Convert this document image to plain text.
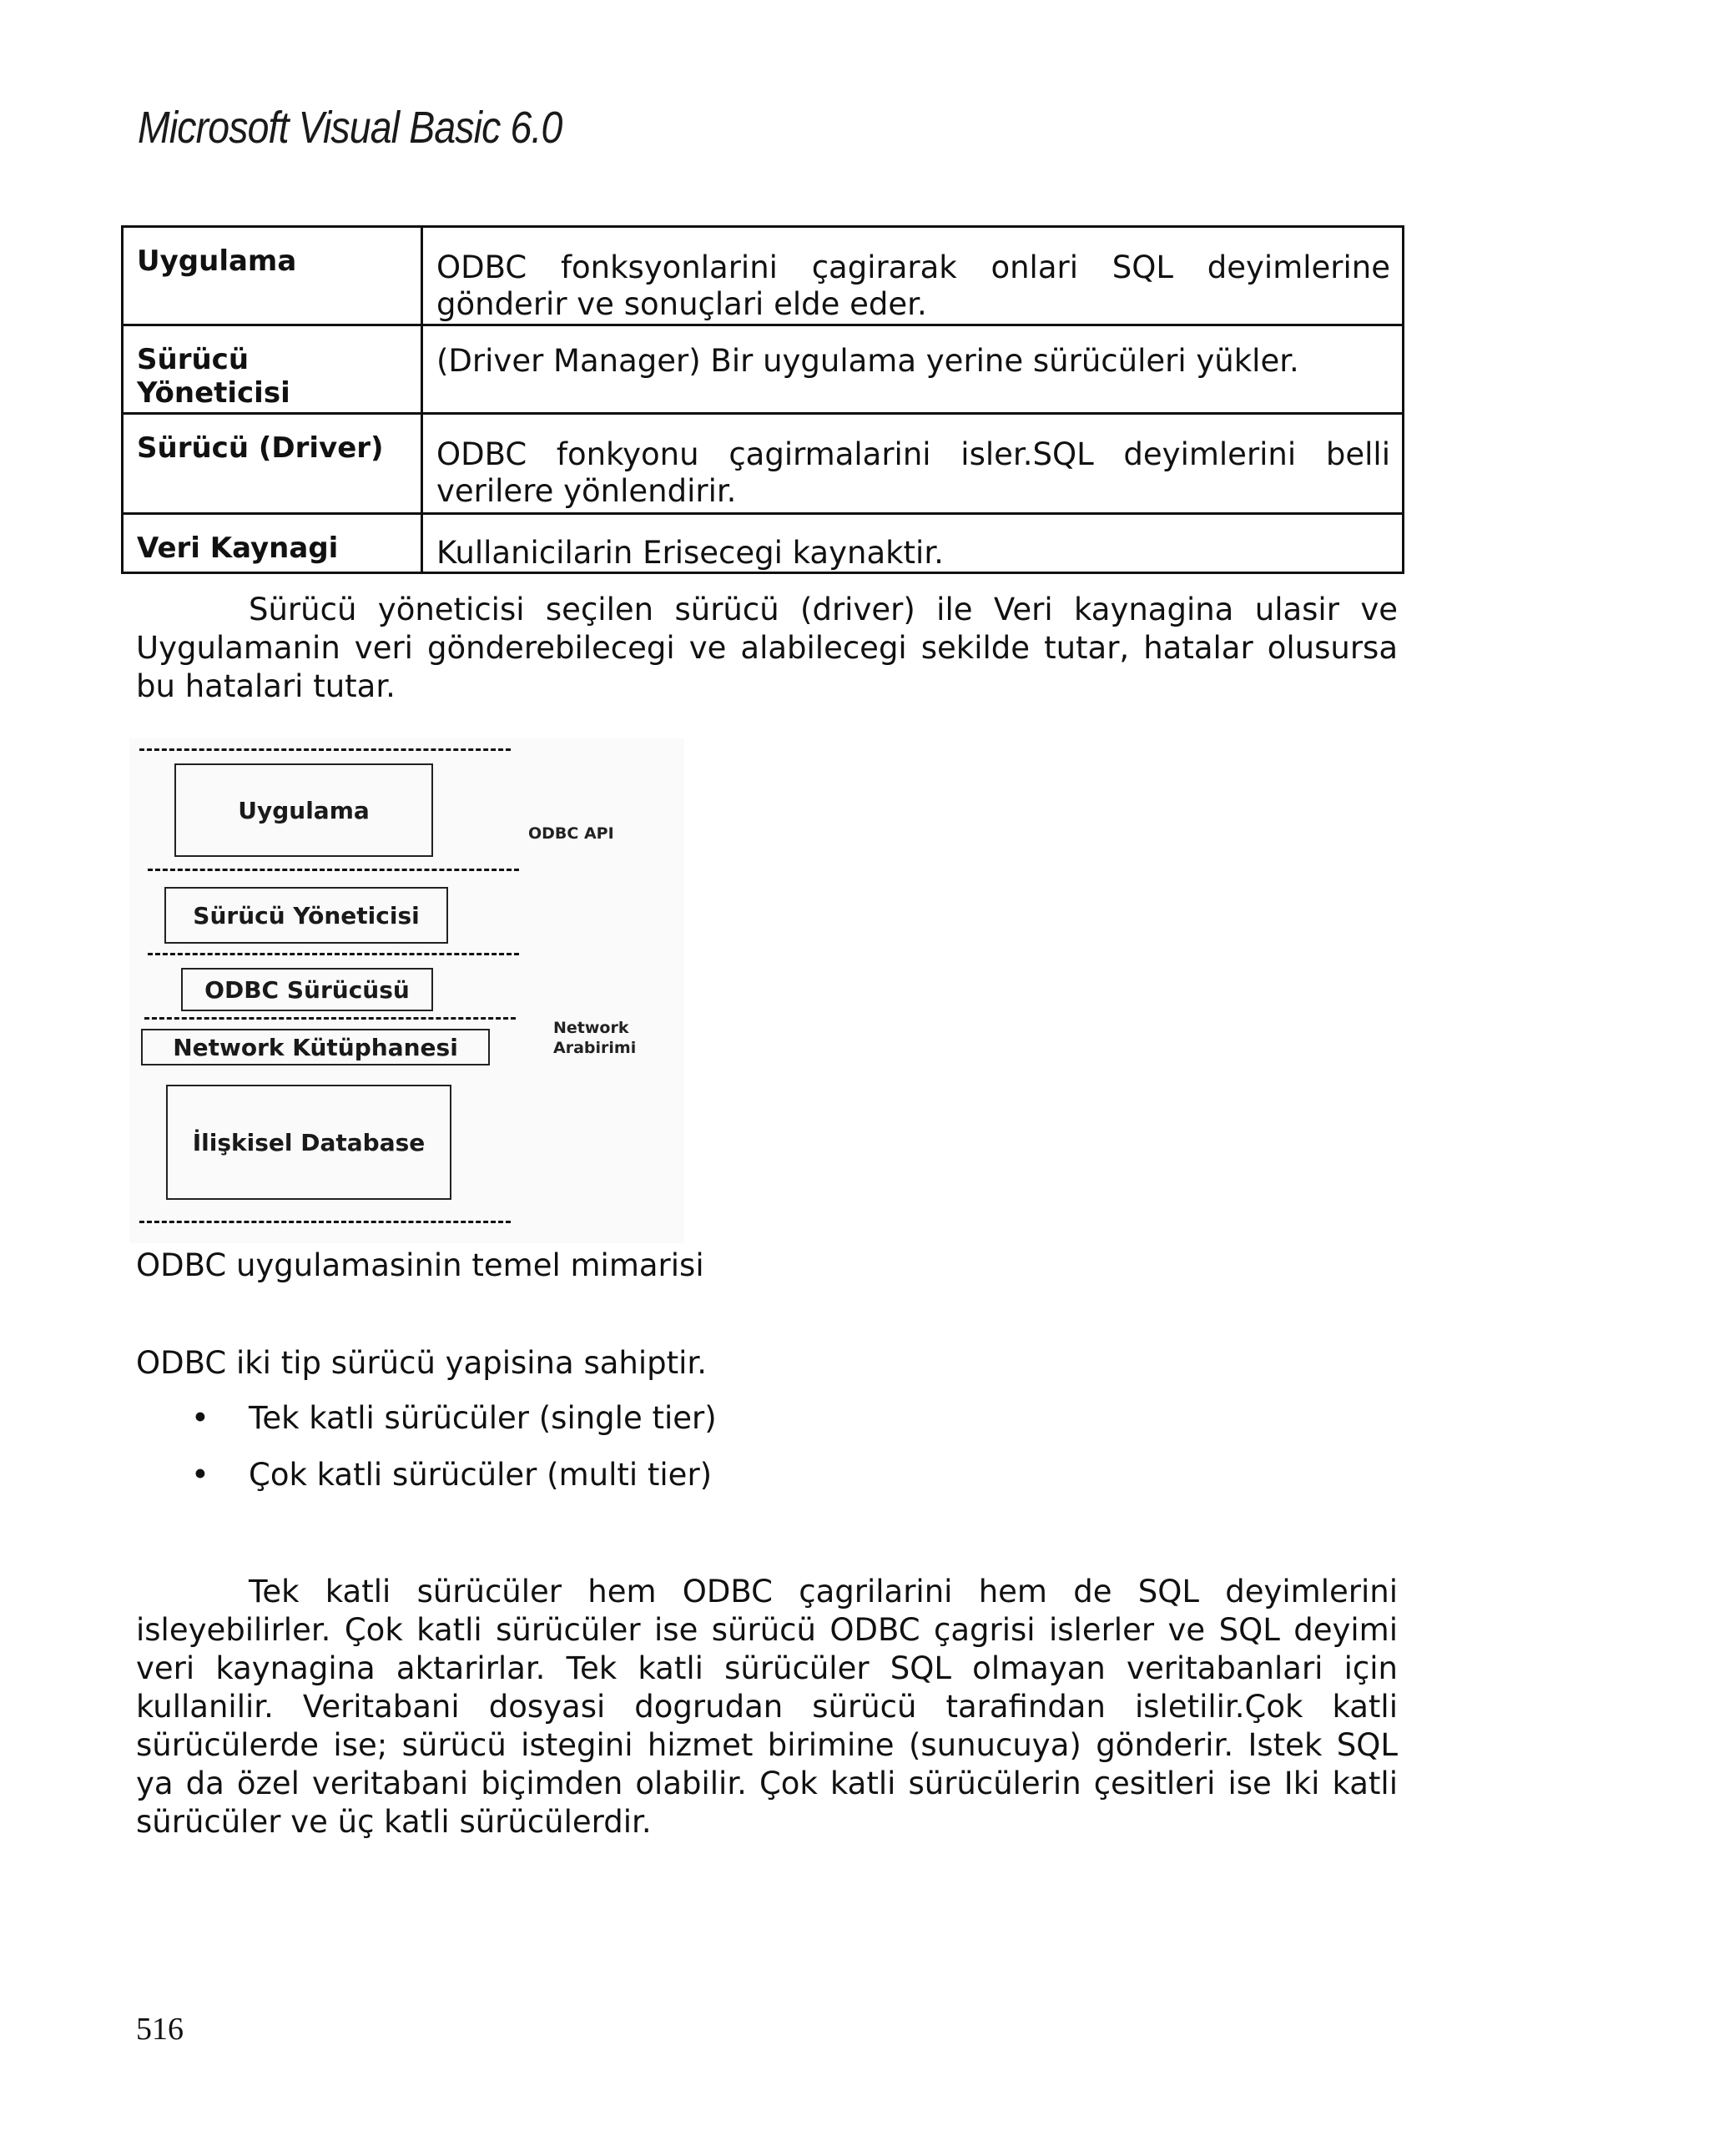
Microsoft Visual Basic 6.0
Uygulama	ODBC fonksyonlarini çagirarak onlari SQL deyimlerine gönderir ve sonuçlari elde eder.

Sürücü Yöneticisi	(Driver Manager) Bir uygulama yerine sürücüleri yükler.

Sürücü (Driver)	ODBC fonkyonu çagirmalarini isler.SQL deyimlerini belli verilere yönlendirir.

Veri Kaynagi	Kullanicilarin Erisecegi kaynaktir.
Sürücü yöneticisi seçilen sürücü (driver) ile Veri kaynagina ulasir ve Uygulamanin veri gönderebilecegi ve alabilecegi sekilde tutar, hatalar olusursa bu hatalari tutar.
Uygulama
ODBC API
Sürücü Yöneticisi
ODBC Sürücüsü
Network Kütüphanesi
Network
Arabirimi
İlişkisel Database
ODBC uygulamasinin temel mimarisi
ODBC iki tip sürücü yapisina sahiptir.
• Tek katli sürücüler (single tier)
• Çok katli sürücüler (multi tier)
Tek katli sürücüler hem ODBC çagrilarini hem de SQL deyimlerini isleyebilirler. Çok katli sürücüler ise sürücü ODBC çagrisi islerler ve SQL deyimi veri kaynagina aktarirlar. Tek katli sürücüler SQL olmayan veritabanlari için kullanilir. Veritabani dosyasi dogrudan sürücü tarafindan isletilir.Çok katli sürücülerde ise; sürücü istegini hizmet birimine (sunucuya) gönderir. Istek SQL ya da özel veritabani biçimden olabilir. Çok katli sürücülerin çesitleri ise Iki katli sürücüler ve üç katli sürücülerdir.
516
